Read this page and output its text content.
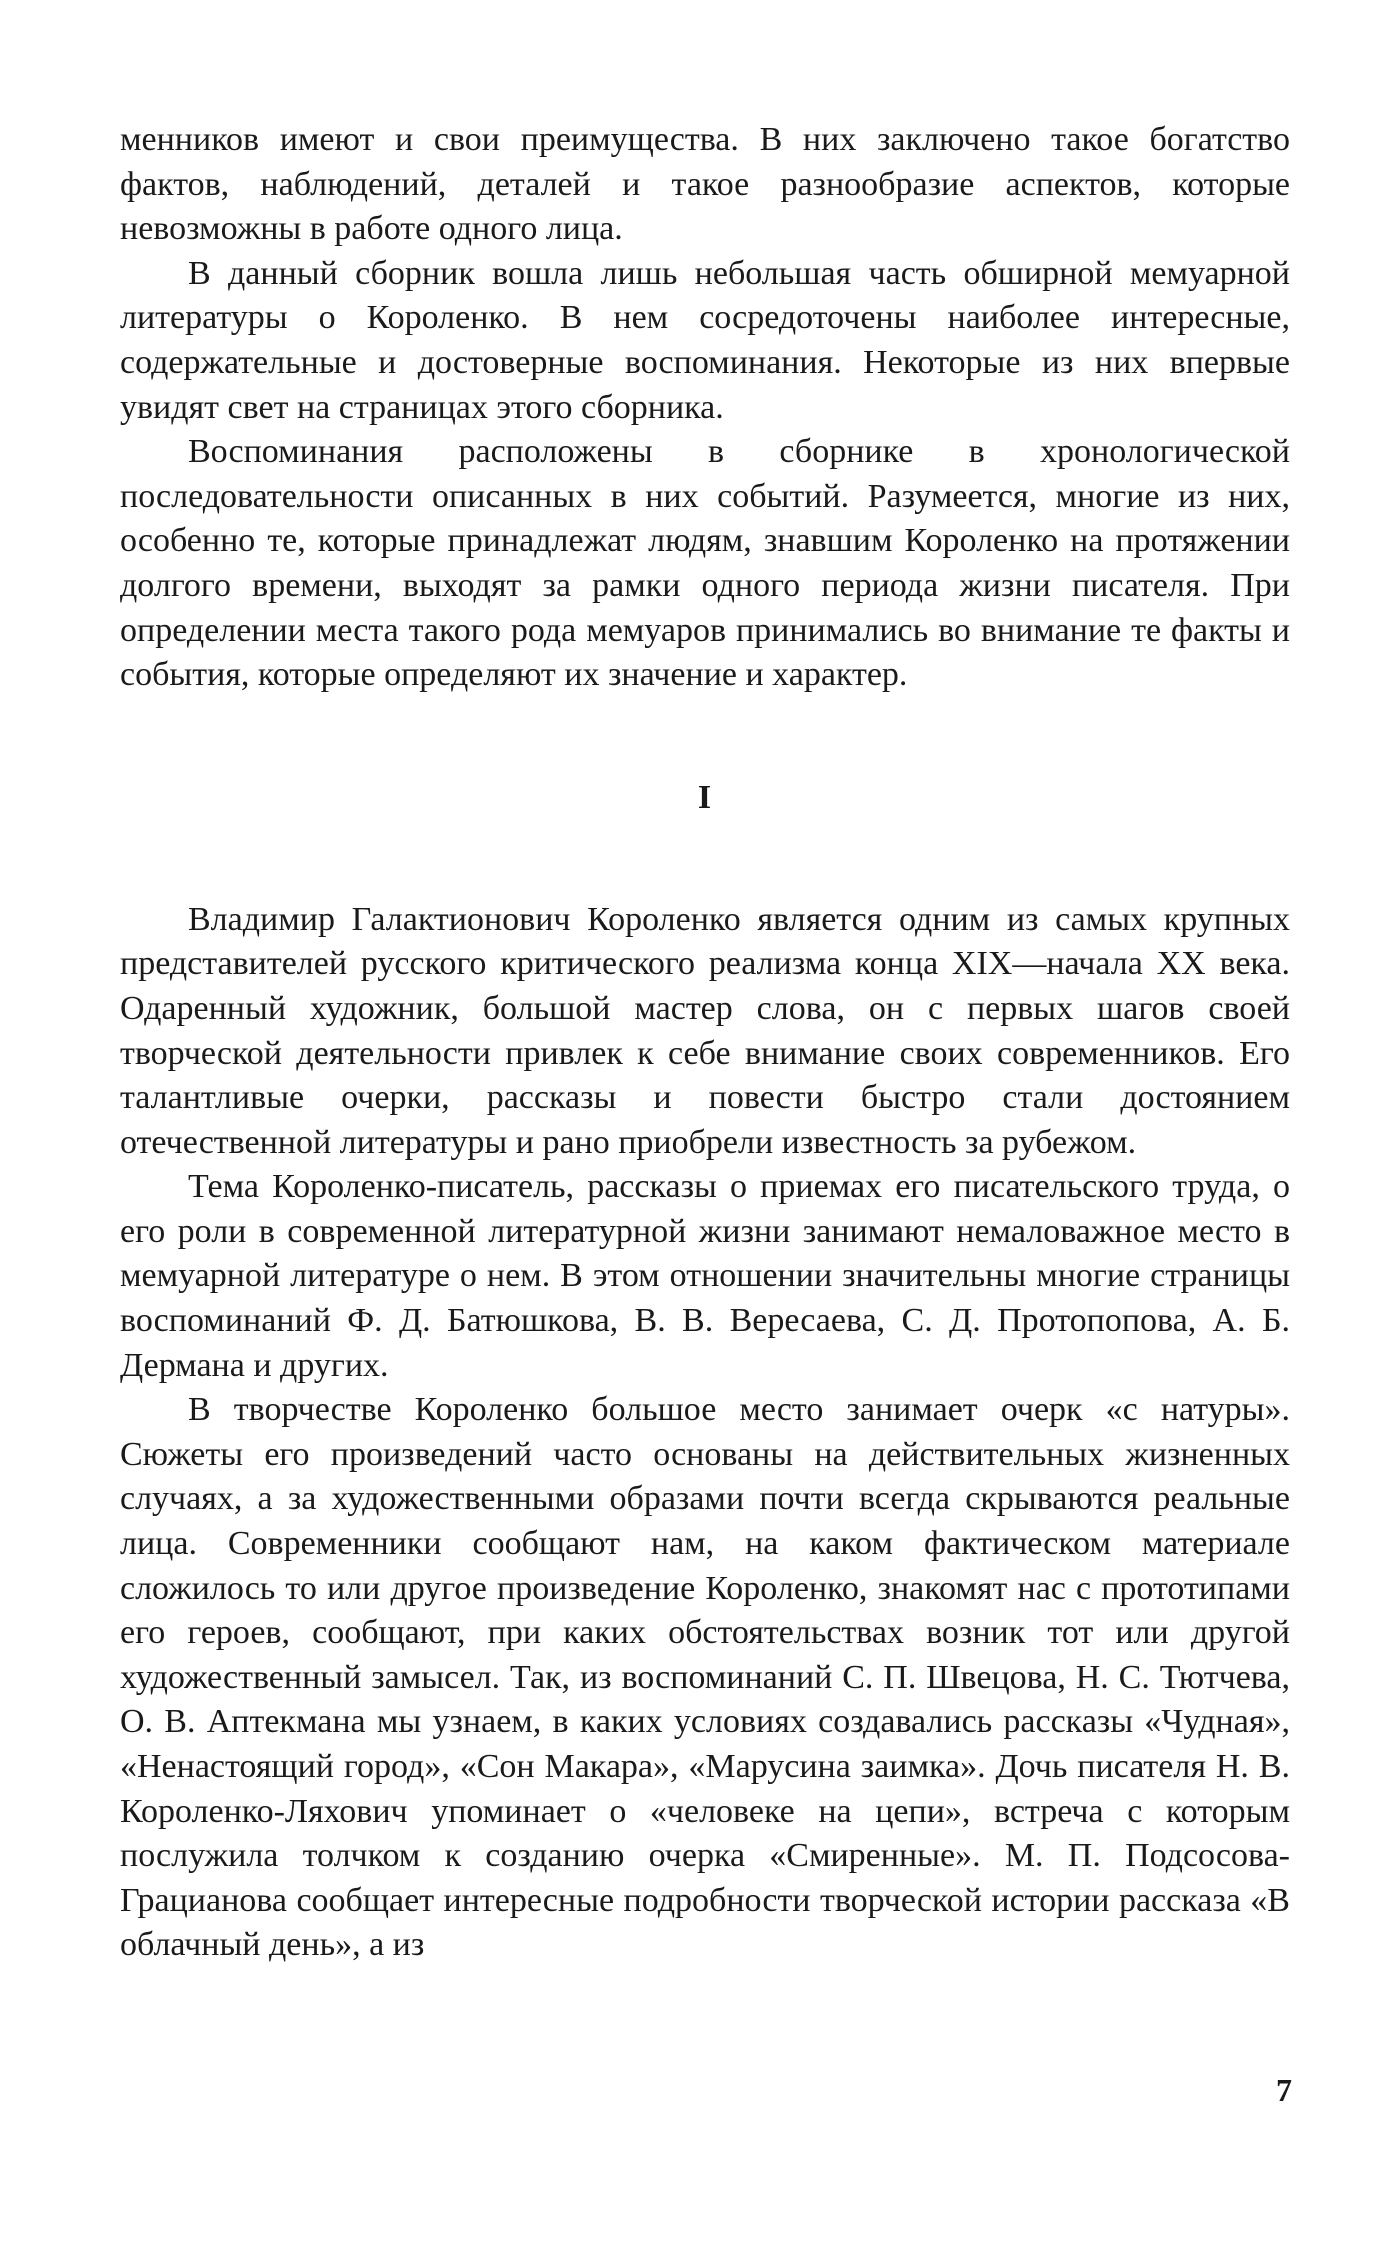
менников имеют и свои преимущества. В них заключено такое богатство фактов, наблюдений, деталей и такое разнообразие аспектов, которые невозможны в работе одного лица.

В данный сборник вошла лишь небольшая часть обширной мемуарной литературы о Короленко. В нем сосредоточены наиболее интересные, содержательные и достоверные воспоминания. Некоторые из них впервые увидят свет на страницах этого сборника.

Воспоминания расположены в сборнике в хронологической последовательности описанных в них событий. Разумеется, многие из них, особенно те, которые принадлежат людям, знавшим Короленко на протяжении долгого времени, выходят за рамки одного периода жизни писателя. При определении места такого рода мемуаров принимались во внимание те факты и события, которые определяют их значение и характер.

I

Владимир Галактионович Короленко является одним из самых крупных представителей русского критического реализма конца XIX—начала XX века. Одаренный художник, большой мастер слова, он с первых шагов своей творческой деятельности привлек к себе внимание своих современников. Его талантливые очерки, рассказы и повести быстро стали достоянием отечественной литературы и рано приобрели известность за рубежом.

Тема Короленко-писатель, рассказы о приемах его писательского труда, о его роли в современной литературной жизни занимают немаловажное место в мемуарной литературе о нем. В этом отношении значительны многие страницы воспоминаний Ф. Д. Батюшкова, В. В. Вересаева, С. Д. Протопопова, А. Б. Дермана и других.

В творчестве Короленко большое место занимает очерк «с натуры». Сюжеты его произведений часто основаны на действительных жизненных случаях, а за художественными образами почти всегда скрываются реальные лица. Современники сообщают нам, на каком фактическом материале сложилось то или другое произведение Короленко, знакомят нас с прототипами его героев, сообщают, при каких обстоятельствах возник тот или другой художественный замысел. Так, из воспоминаний С. П. Швецова, Н. С. Тютчева, О. В. Аптекмана мы узнаем, в каких условиях создавались рассказы «Чудная», «Ненастоящий город», «Сон Макара», «Марусина заимка». Дочь писателя Н. В. Короленко-Ляхович упоминает о «человеке на цепи», встреча с которым послужила толчком к созданию очерка «Смиренные». М. П. Подсосова-Грацианова сообщает интересные подробности творческой истории рассказа «В облачный день», а из

7
